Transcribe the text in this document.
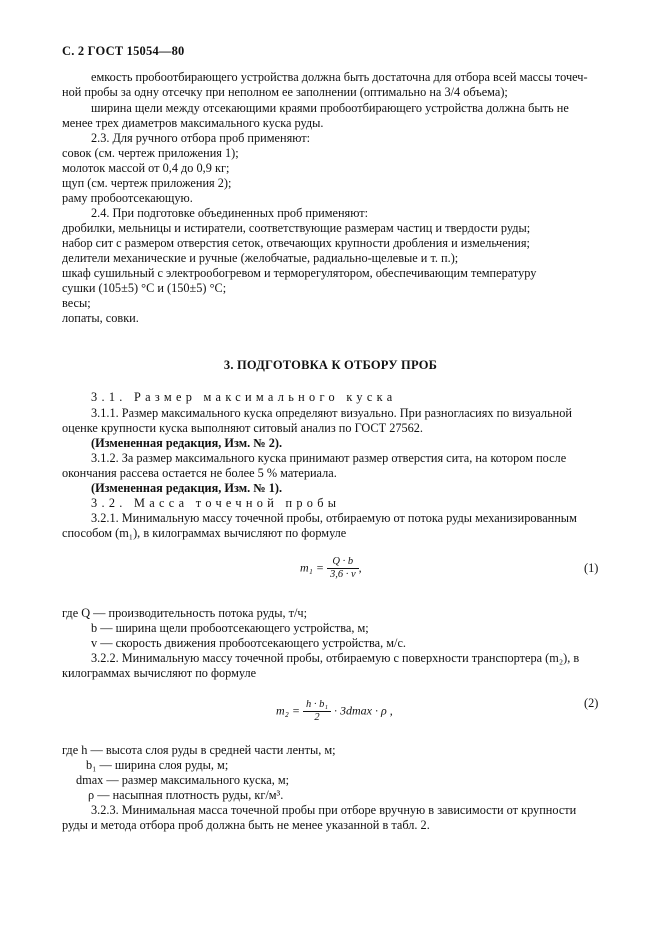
С. 2 ГОСТ 15054—80
емкость пробоотбирающего устройства должна быть достаточна для отбора всей массы точеч-
ной пробы за одну отсечку при неполном ее заполнении (оптимально на 3/4 объема);
ширина щели между отсекающими краями пробоотбирающего устройства должна быть не
менее трех диаметров максимального куска руды.
2.3. Для ручного отбора проб применяют:
совок (см. чертеж приложения 1);
молоток массой от 0,4 до 0,9 кг;
щуп (см. чертеж приложения 2);
раму пробоотсекающую.
2.4. При подготовке объединенных проб применяют:
дробилки, мельницы и истиратели, соответствующие размерам частиц и твердости руды;
набор сит с размером отверстия сеток, отвечающих крупности дробления и измельчения;
делители механические и ручные (желобчатые, радиально-щелевые и т. п.);
шкаф сушильный с электрообогревом и терморегулятором, обеспечивающим температуру
сушки (105±5) °С и (150±5) °С;
весы;
лопаты, совки.
3. ПОДГОТОВКА К ОТБОРУ ПРОБ
3.1. Размер максимального куска
3.1.1. Размер максимального куска определяют визуально. При разногласиях по визуальной
оценке крупности куска выполняют ситовый анализ по ГОСТ 27562.
(Измененная редакция, Изм. № 2).
3.1.2. За размер максимального куска принимают размер отверстия сита, на котором после
окончания рассева остается не более 5 % материала.
(Измененная редакция, Изм. № 1).
3.2. Масса точечной пробы
3.2.1. Минимальную массу точечной пробы, отбираемую от потока руды механизированным
способом (m₁), в килограммах вычисляют по формуле
$m_1 = \frac{Q \cdot b}{3,6 \cdot v}$ ,	(1)
где Q — производительность потока руды, т/ч;
b — ширина щели пробоотсекающего устройства, м;
v — скорость движения пробоотсекающего устройства, м/с.
3.2.2. Минимальную массу точечной пробы, отбираемую с поверхности транспортера (m₂), в
килограммах вычисляют по формуле
$m_2 = \frac{\text{h · b₁}}{2} \cdot 3dmax \cdot \rho$ ,
(2)
где h — высота слоя руды в средней части ленты, м;
b₁ — ширина слоя руды, м;
dmax — размер максимального куска, м;
ρ — насыпная плотность руды, кг/м³.
3.2.3. Минимальная масса точечной пробы при отборе вручную в зависимости от крупности
руды и метода отбора проб должна быть не менее указанной в табл. 2.
